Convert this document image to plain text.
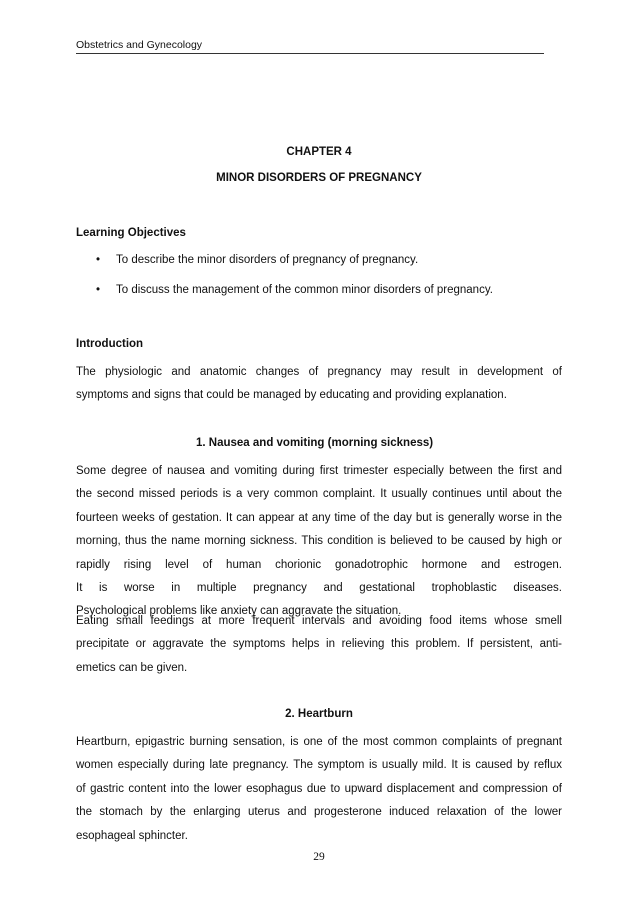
Obstetrics and Gynecology
CHAPTER 4
MINOR DISORDERS OF PREGNANCY
Learning Objectives
• To describe the minor disorders of pregnancy of pregnancy.
• To discuss the management of the common minor disorders of pregnancy.
Introduction
The physiologic and anatomic changes of pregnancy may result in development of
symptoms and signs that could be managed by educating and providing explanation.
1. Nausea and vomiting (morning sickness)
Some degree of nausea and vomiting during first trimester especially between the first and
the second missed periods is a very common complaint. It usually continues until about the
fourteen weeks of gestation. It can appear at any time of the day but is generally worse in the
morning, thus the name morning sickness. This condition is believed to be caused by high or
rapidly rising level of human chorionic gonadotrophic hormone and estrogen.
It is worse in multiple pregnancy and gestational trophoblastic diseases.
Psychological problems like anxiety can aggravate the situation.
Eating small feedings at more frequent intervals and avoiding food items whose smell
precipitate or aggravate the symptoms helps in relieving this problem. If persistent, anti-
emetics can be given.
2. Heartburn
Heartburn, epigastric burning sensation, is one of the most common complaints of pregnant
women especially during late pregnancy. The symptom is usually mild. It is caused by reflux
of gastric content into the lower esophagus due to upward displacement and compression of
the stomach by the enlarging uterus and progesterone induced relaxation of the lower
esophageal sphincter.
29
